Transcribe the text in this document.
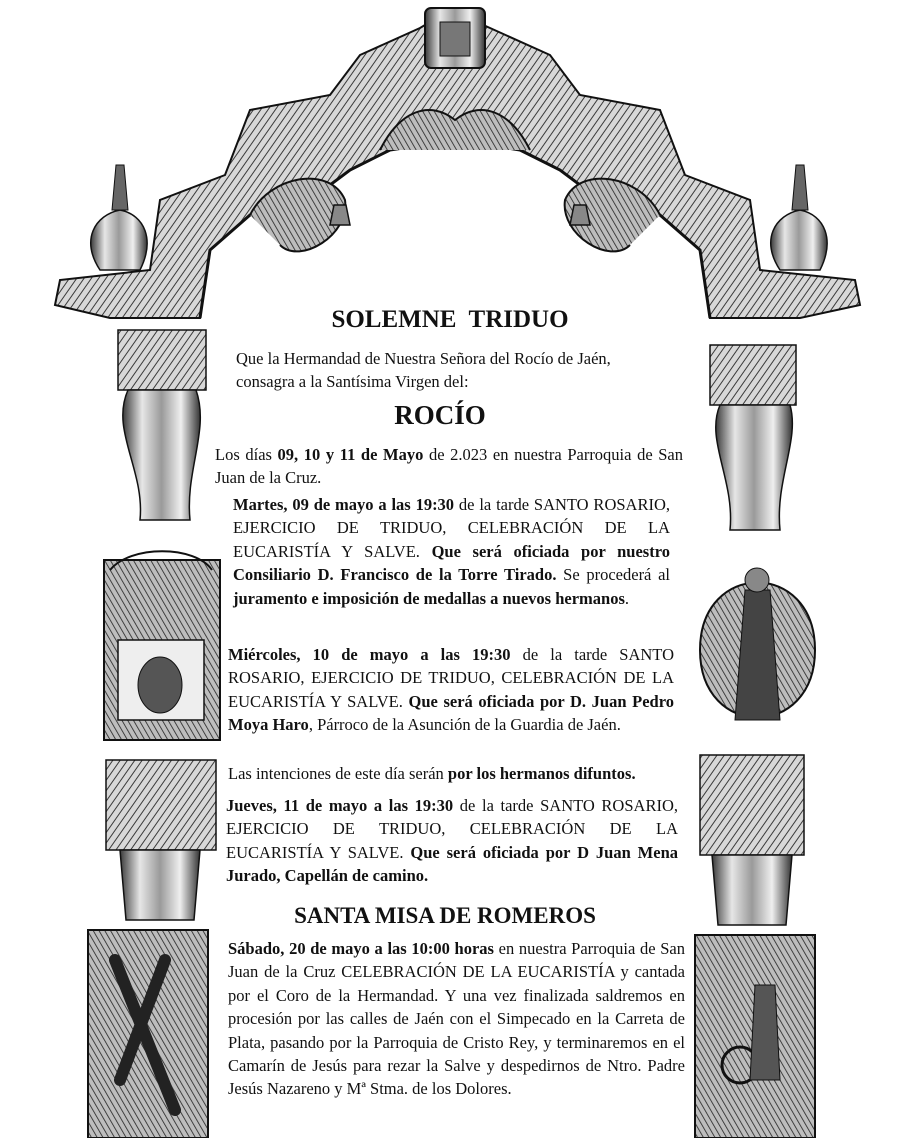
SOLEMNE  TRIDUO
Que la Hermandad de Nuestra Señora del Rocío de Jaén,
consagra a la Santísima Virgen del:
ROCÍO
Los días 09, 10 y 11 de Mayo de 2.023 en nuestra Parroquia de San Juan de la Cruz.
Martes, 09 de mayo a las 19:30 de la tarde SANTO ROSARIO, EJERCICIO DE TRIDUO, CELEBRACIÓN DE LA EUCARISTÍA Y SALVE. Que será oficiada por nuestro Consiliario D. Francisco de la Torre Tirado. Se procederá al juramento e imposición de medallas a nuevos hermanos.
Miércoles, 10 de mayo a las 19:30 de la tarde SANTO ROSARIO, EJERCICIO DE TRIDUO, CELEBRACIÓN DE LA EUCARISTÍA Y SALVE. Que será oficiada por D. Juan Pedro Moya Haro, Párroco de la Asunción de la Guardia de Jaén.
Las intenciones de este día serán por los hermanos difuntos.
Jueves, 11 de mayo a las 19:30 de la tarde SANTO ROSARIO, EJERCICIO DE TRIDUO, CELEBRACIÓN DE LA EUCARISTÍA Y SALVE. Que será oficiada por D Juan Mena Jurado, Capellán de camino.
SANTA MISA DE ROMEROS
Sábado, 20 de mayo a las 10:00 horas en nuestra Parroquia de San Juan de la Cruz CELEBRACIÓN DE LA EUCARISTÍA y cantada por el Coro de la Hermandad. Y una vez finalizada saldremos en procesión por las calles de Jaén con el Simpecado en la Carreta de Plata, pasando por la Parroquia de Cristo Rey, y terminaremos en el Camarín de Jesús para rezar la Salve y despedirnos de Ntro. Padre Jesús Nazareno y Mª Stma. de los Dolores.
